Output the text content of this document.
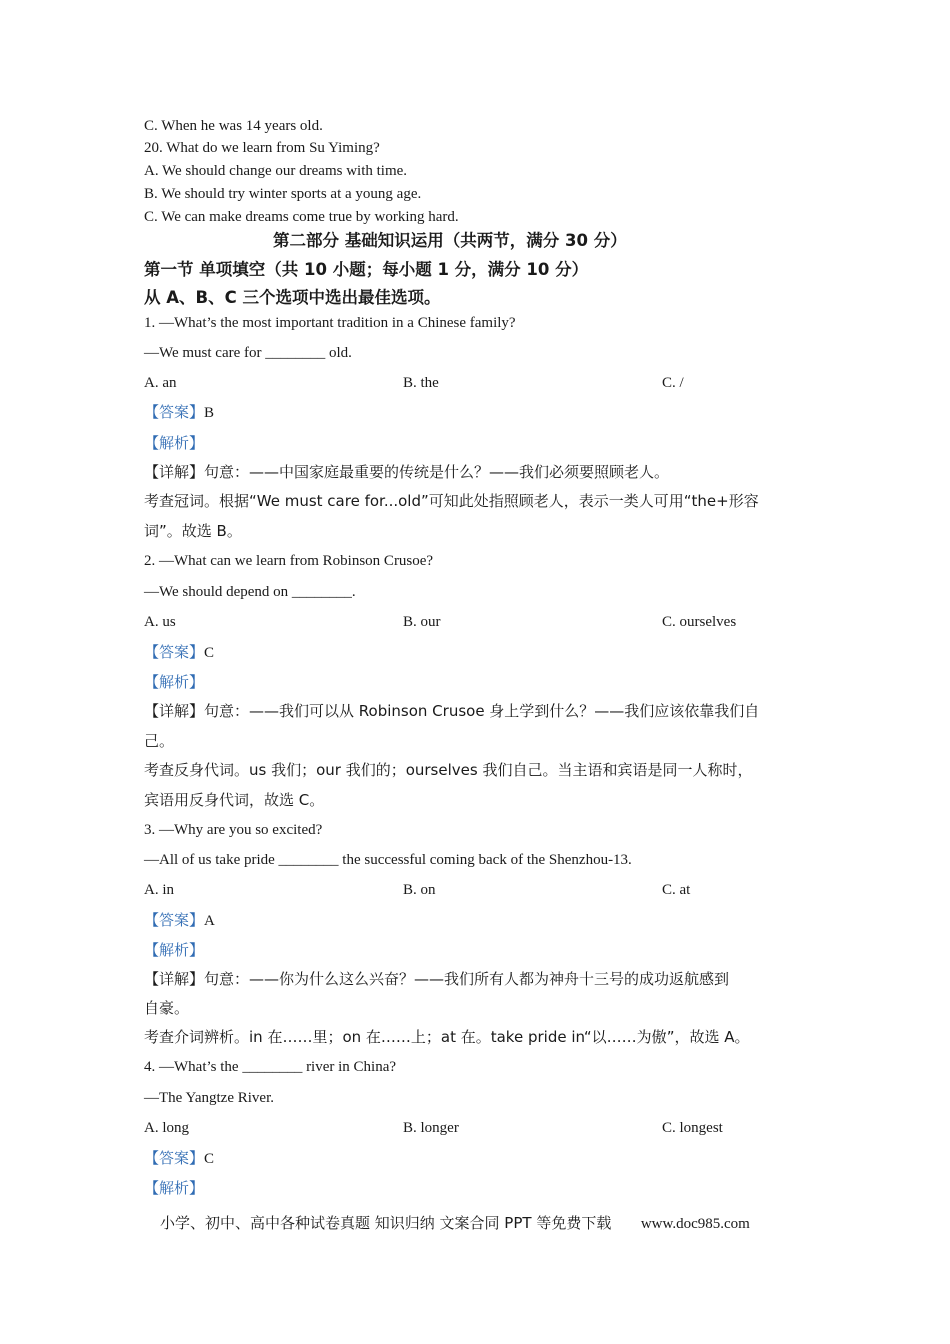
C. When he was 14 years old.
20. What do we learn from Su Yiming?
A. We should change our dreams with time.
B. We should try winter sports at a young age.
C. We can make dreams come true by working hard.
第二部分 基础知识运用（共两节，满分 30 分）
第一节 单项填空（共 10 小题；每小题 1 分，满分 10 分）
从 A、B、C 三个选项中选出最佳选项。
1. —What’s the most important tradition in a Chinese family?
—We must care for ________ old.
A. an	B. the	C. /
【答案】B
【解析】
【详解】句意：——中国家庭最重要的传统是什么？——我们必须要照顾老人。
考查冠词。根据“We must care for...old”可知此处指照顾老人，表示一类人可用“the+形容
词”。故选 B。
2. —What can we learn from Robinson Crusoe?
—We should depend on ________.
A. us	B. our	C. ourselves
【答案】C
【解析】
【详解】句意：——我们可以从 Robinson Crusoe 身上学到什么？——我们应该依靠我们自
己。
考查反身代词。us 我们；our 我们的；ourselves 我们自己。当主语和宾语是同一人称时，
宾语用反身代词，故选 C。
3. —Why are you so excited?
—All of us take pride ________ the successful coming back of the Shenzhou-13.
A. in	B. on	C. at
【答案】A
【解析】
【详解】句意：——你为什么这么兴奋？——我们所有人都为神舟十三号的成功返航感到
自豪。
考查介词辨析。in 在……里；on 在……上；at 在。take pride in“以……为傲”，故选 A。
4. —What’s the ________ river in China?
—The Yangtze River.
A. long	B. longer	C. longest
【答案】C
【解析】
小学、初中、高中各种试卷真题 知识归纳 文案合同 PPT 等免费下载 www.doc985.com
